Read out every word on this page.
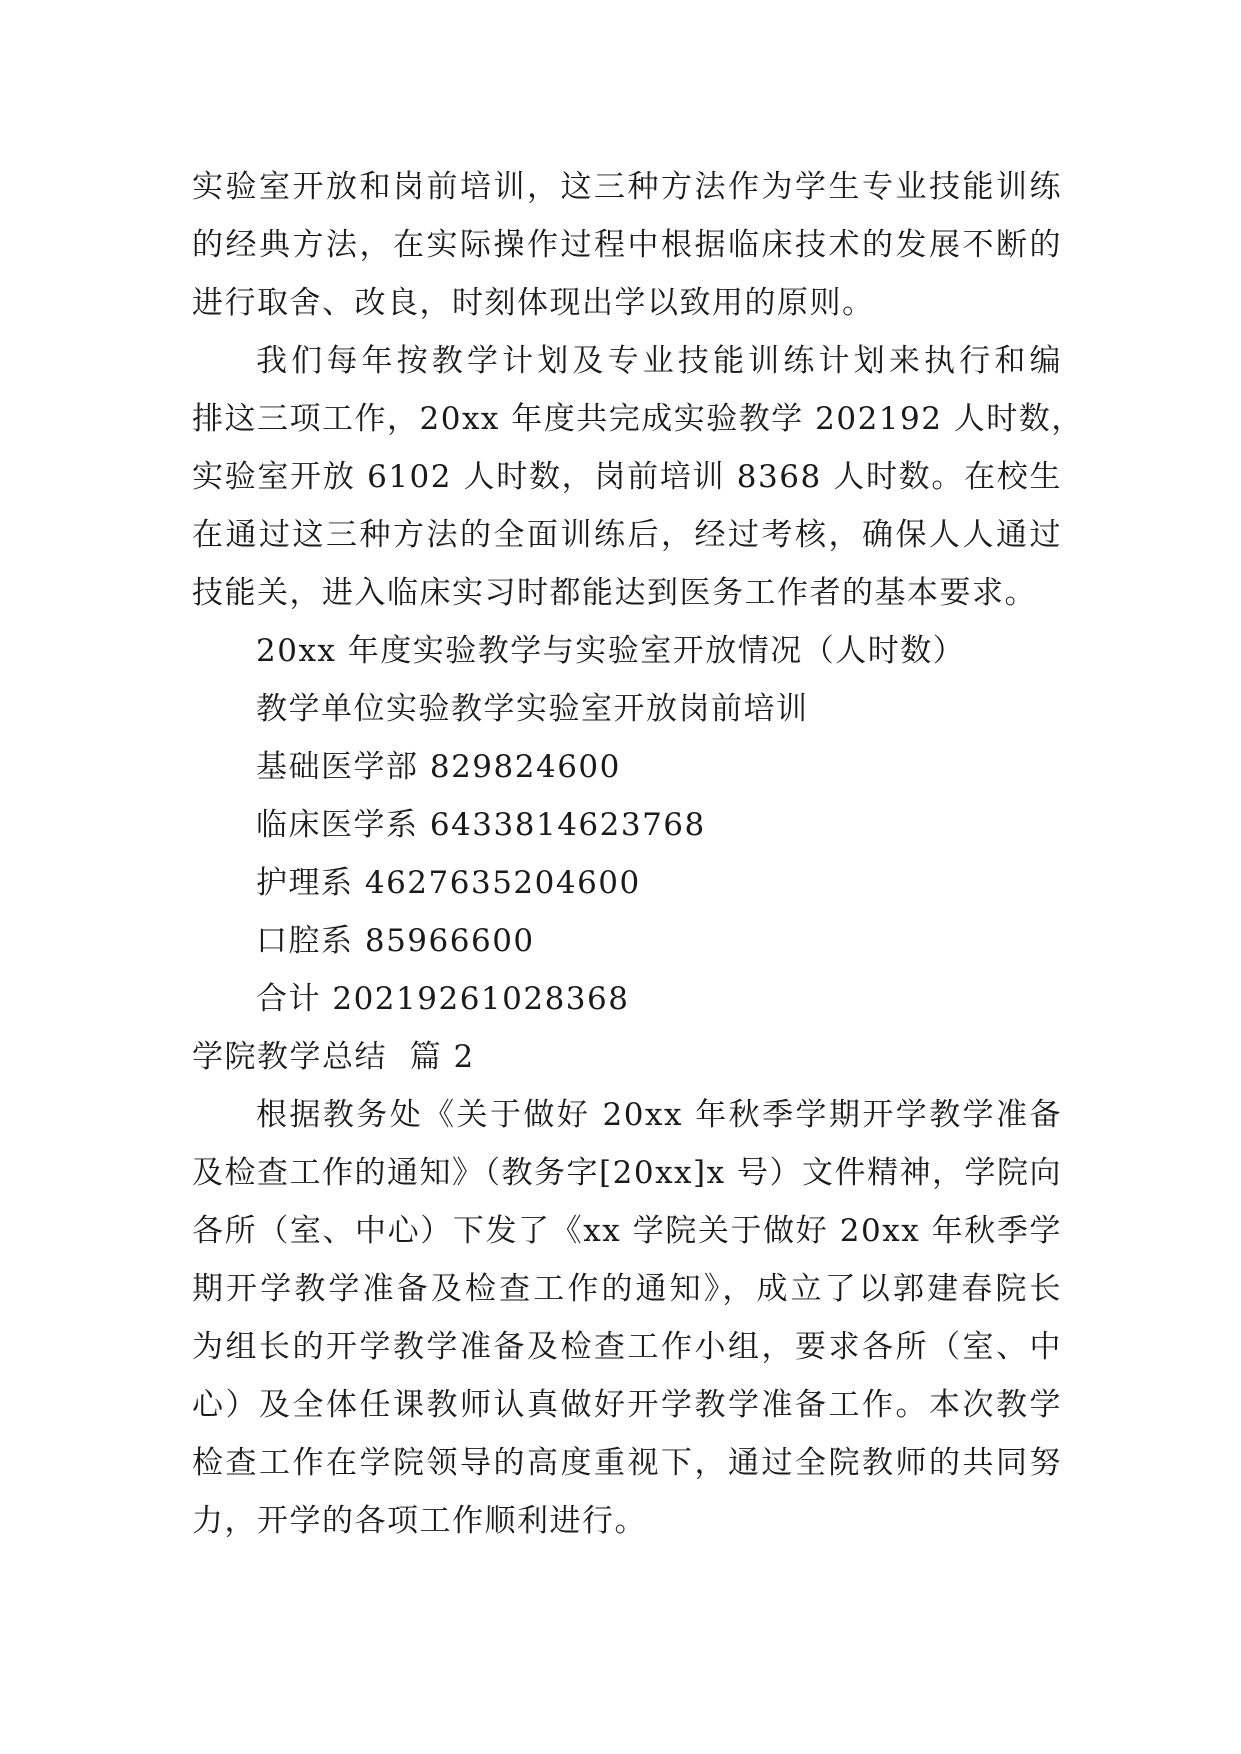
实验室开放和岗前培训，这三种方法作为学生专业技能训练
的经典方法，在实际操作过程中根据临床技术的发展不断的
进行取舍、改良，时刻体现出学以致用的原则。
我们每年按教学计划及专业技能训练计划来执行和编
排这三项工作，20xx 年度共完成实验教学 202192 人时数，
实验室开放 6102 人时数，岗前培训 8368 人时数。在校生
在通过这三种方法的全面训练后，经过考核，确保人人通过
技能关，进入临床实习时都能达到医务工作者的基本要求。
20xx 年度实验教学与实验室开放情况（人时数）
教学单位实验教学实验室开放岗前培训
基础医学部 829824600
临床医学系 6433814623768
护理系 4627635204600
口腔系 85966600
合计 20219261028368
学院教学总结  篇 2
根据教务处《关于做好 20xx 年秋季学期开学教学准备
及检查工作的通知》（教务字[20xx]x 号）文件精神，学院向
各所（室、中心）下发了《xx 学院关于做好 20xx 年秋季学
期开学教学准备及检查工作的通知》，成立了以郭建春院长
为组长的开学教学准备及检查工作小组，要求各所（室、中
心）及全体任课教师认真做好开学教学准备工作。本次教学
检查工作在学院领导的高度重视下，通过全院教师的共同努
力，开学的各项工作顺利进行。
